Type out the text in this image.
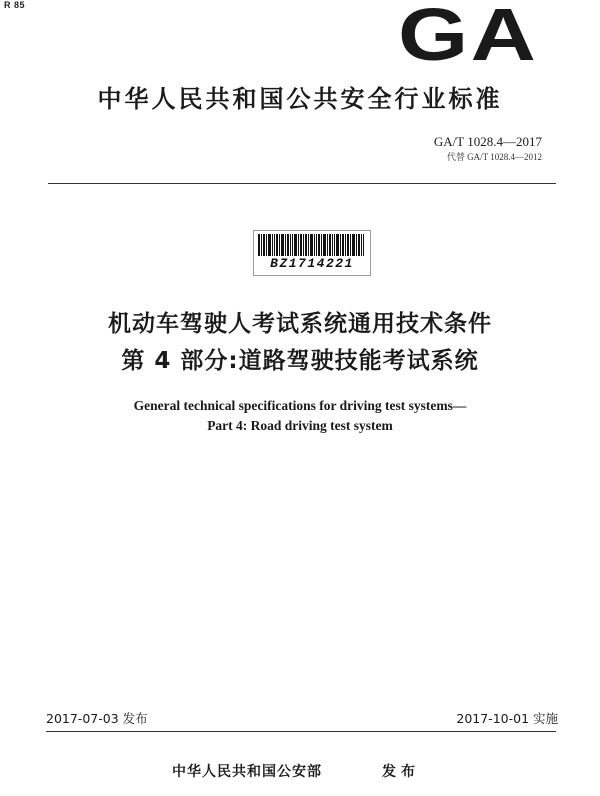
R 85	GA
中华人民共和国公共安全行业标准
GA/T 1028.4—2017
代替 GA/T 1028.4—2012
BZ1714221
机动车驾驶人考试系统通用技术条件
第 4 部分:道路驾驶技能考试系统
General technical specifications for driving test systems—
Part 4: Road driving test system
2017-07-03 发布	2017-10-01 实施
中华人民共和国公安部	发布
